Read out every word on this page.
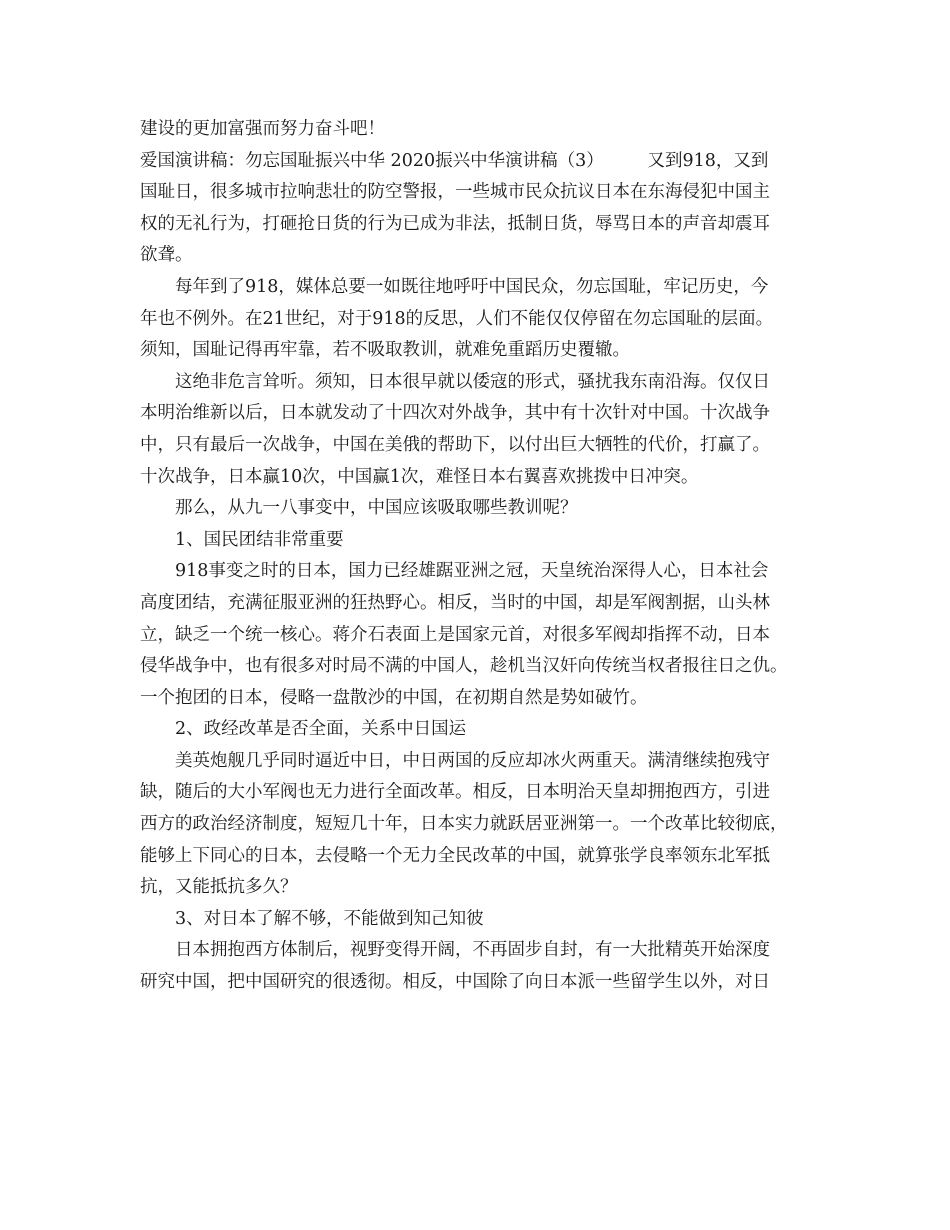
建设的更加富强而努力奋斗吧！
爱国演讲稿：勿忘国耻振兴中华 2020振兴中华演讲稿（3）　　　又到918，又到
国耻日，很多城市拉响悲壮的防空警报，一些城市民众抗议日本在东海侵犯中国主
权的无礼行为，打砸抢日货的行为已成为非法，抵制日货，辱骂日本的声音却震耳
欲聋。
每年到了918，媒体总要一如既往地呼吁中国民众，勿忘国耻，牢记历史，今
年也不例外。在21世纪，对于918的反思，人们不能仅仅停留在勿忘国耻的层面。
须知，国耻记得再牢靠，若不吸取教训，就难免重蹈历史覆辙。
这绝非危言耸听。须知，日本很早就以倭寇的形式，骚扰我东南沿海。仅仅日
本明治维新以后，日本就发动了十四次对外战争，其中有十次针对中国。十次战争
中，只有最后一次战争，中国在美俄的帮助下，以付出巨大牺牲的代价，打赢了。
十次战争，日本赢10次，中国赢1次，难怪日本右翼喜欢挑拨中日冲突。
那么，从九一八事变中，中国应该吸取哪些教训呢？
1、国民团结非常重要
918事变之时的日本，国力已经雄踞亚洲之冠，天皇统治深得人心，日本社会
高度团结，充满征服亚洲的狂热野心。相反，当时的中国，却是军阀割据，山头林
立，缺乏一个统一核心。蒋介石表面上是国家元首，对很多军阀却指挥不动，日本
侵华战争中，也有很多对时局不满的中国人，趁机当汉奸向传统当权者报往日之仇。
一个抱团的日本，侵略一盘散沙的中国，在初期自然是势如破竹。
2、政经改革是否全面，关系中日国运
美英炮舰几乎同时逼近中日，中日两国的反应却冰火两重天。满清继续抱残守
缺，随后的大小军阀也无力进行全面改革。相反，日本明治天皇却拥抱西方，引进
西方的政治经济制度，短短几十年，日本实力就跃居亚洲第一。一个改革比较彻底，
能够上下同心的日本，去侵略一个无力全民改革的中国，就算张学良率领东北军抵
抗，又能抵抗多久？
3、对日本了解不够，不能做到知己知彼
日本拥抱西方体制后，视野变得开阔，不再固步自封，有一大批精英开始深度
研究中国，把中国研究的很透彻。相反，中国除了向日本派一些留学生以外，对日
